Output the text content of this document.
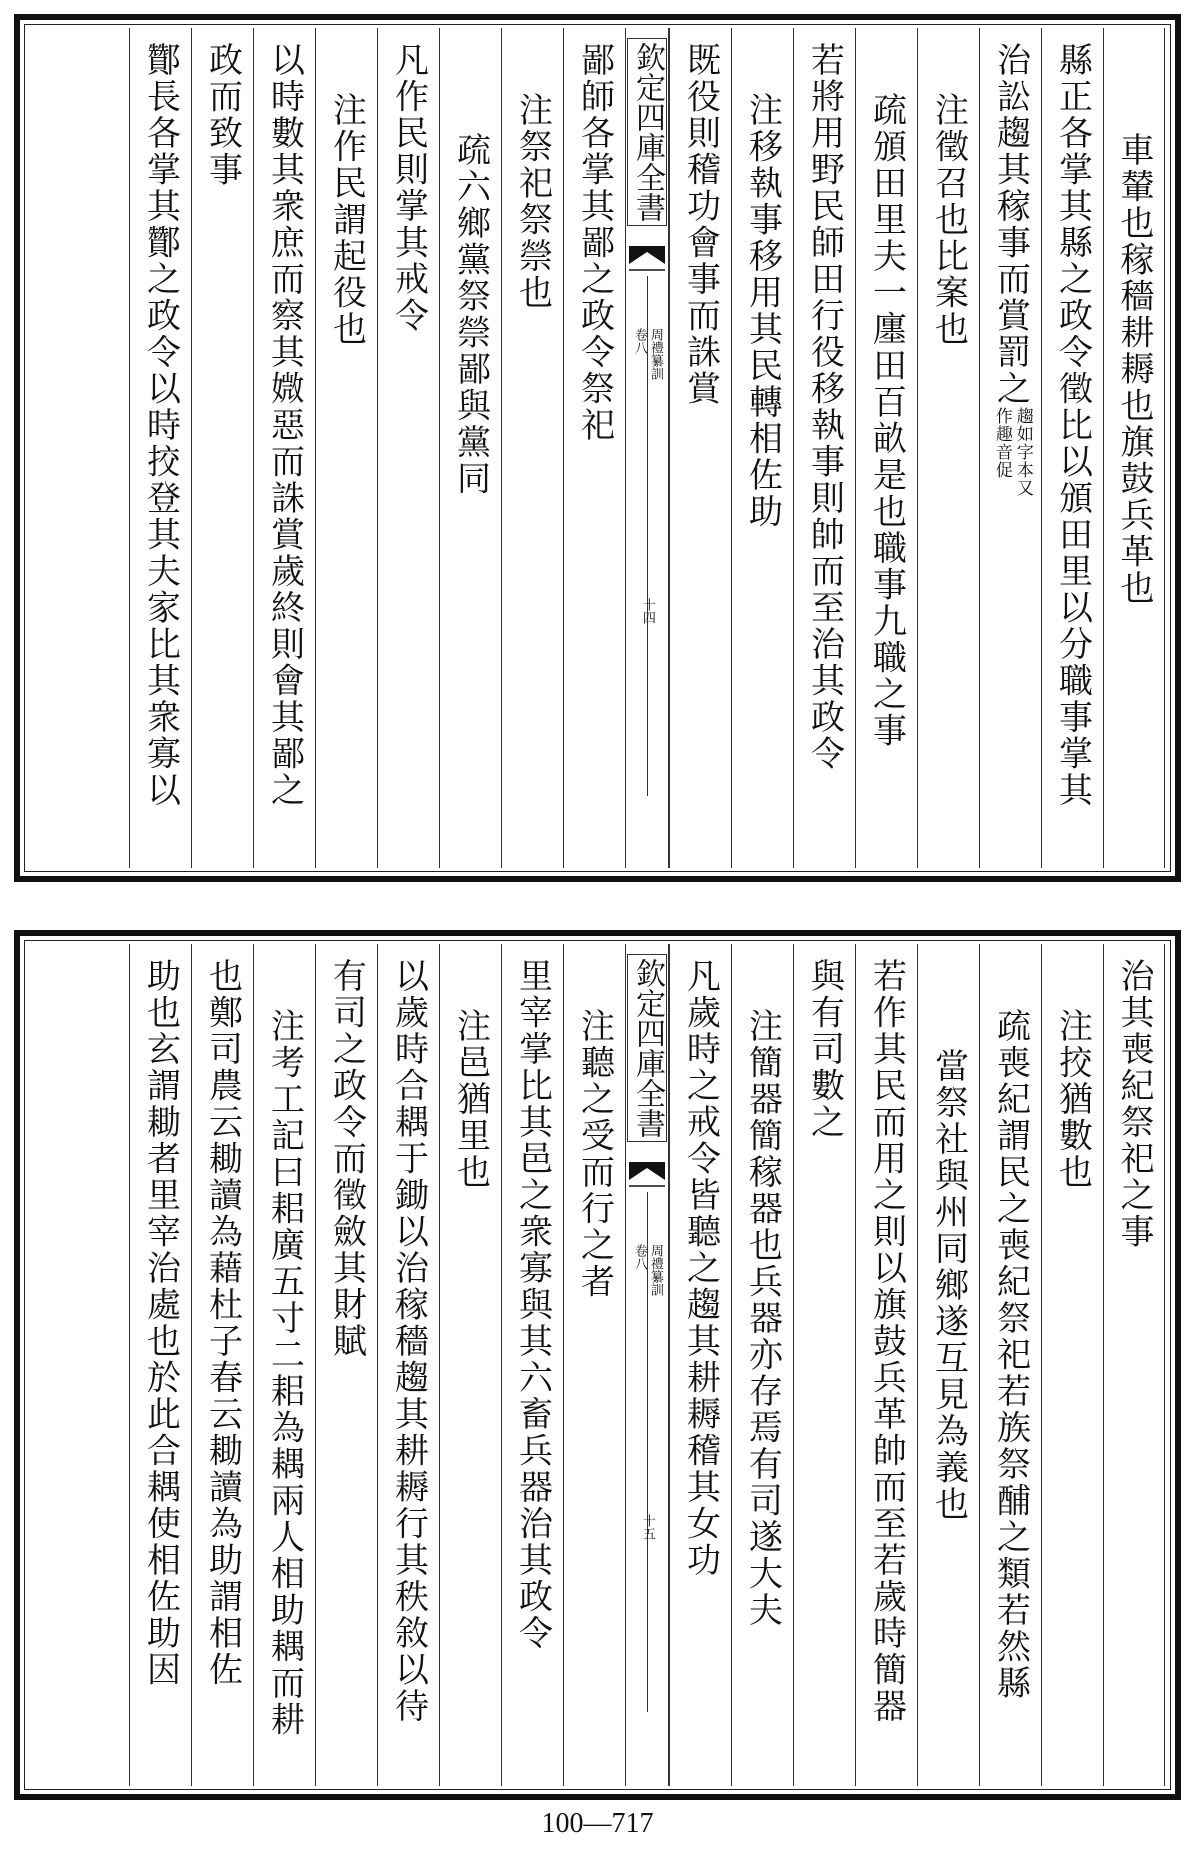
車輦也稼穡耕耨也旗鼓兵革也
縣正各掌其縣之政令徵比以頒田里以分職事掌其
治訟趨其稼事而賞罰之
趨如字本又
作趣音促
注徵召也比案也
疏頒田里夫一廛田百畝是也職事九職之事
若將用野民師田行役移執事則帥而至治其政令
注移執事移用其民轉相佐助
既役則稽功會事而誅賞
欽定四庫全書
周禮纂訓
卷八
十四
鄙師各掌其鄙之政令祭祀
注祭祀祭禜也
疏六鄉黨祭禜鄙與黨同
凡作民則掌其戒令
注作民謂起役也
以時數其衆庶而察其媺惡而誅賞歲終則會其鄙之
政而致事
酇長各掌其酇之政令以時挍登其夫家比其衆寡以
治其喪紀祭祀之事
注挍猶數也
疏喪紀謂民之喪紀祭祀若族祭酺之類若然縣
當祭社與州同鄉遂互見為義也
若作其民而用之則以旗鼓兵革帥而至若歲時簡器
與有司數之
注簡器簡稼器也兵器亦存焉有司遂大夫
凡歲時之戒令皆聽之趨其耕耨稽其女功
欽定四庫全書
周禮纂訓
卷八
十五
注聽之受而行之者
里宰掌比其邑之衆寡與其六畜兵器治其政令
注邑猶里也
以歲時合耦于鋤以治稼穡趨其耕耨行其秩敘以待
有司之政令而徵斂其財賦
注考工記曰耜廣五寸二耜為耦兩人相助耦而耕
也鄭司農云耡讀為藉杜子春云耡讀為助謂相佐
助也玄謂耡者里宰治處也於此合耦使相佐助因
100—717
